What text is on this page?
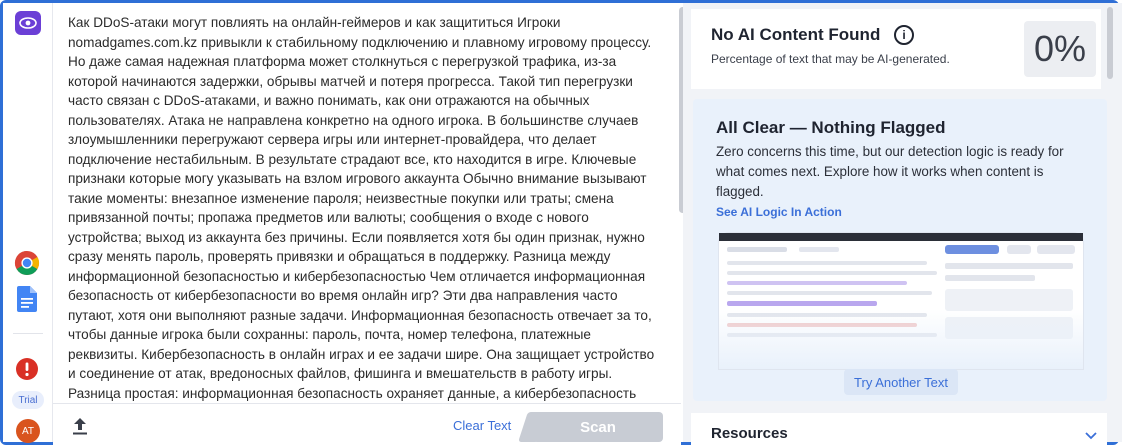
Trial
AT
Как DDoS-атаки могут повлиять на онлайн-геймеров и как защититься Игроки nomadgames.com.kz привыкли к стабильному подключению и плавному игровому процессу. Но даже самая надежная платформа может столкнуться с перегрузкой трафика, из-за которой начинаются задержки, обрывы матчей и потеря прогресса. Такой тип перегрузки часто связан с DDoS-атаками, и важно понимать, как они отражаются на обычных пользователях. Атака не направлена конкретно на одного игрока. В большинстве случаев злоумышленники перегружают сервера игры или интернет-провайдера, что делает подключение нестабильным. В результате страдают все, кто находится в игре. Ключевые признаки которые могу указывать на взлом игрового аккаунта Обычно внимание вызывают такие моменты: внезапное изменение пароля; неизвестные покупки или траты; смена привязанной почты; пропажа предметов или валюты; сообщения о входе с нового устройства; выход из аккаунта без причины. Если появляется хотя бы один признак, нужно сразу менять пароль, проверять привязки и обращаться в поддержку. Разница между информационной безопасностью и кибербезопасностью Чем отличается информационная безопасность от кибербезопасности во время онлайн игр? Эти два направления часто путают, хотя они выполняют разные задачи. Информационная безопасность отвечает за то, чтобы данные игрока были сохранны: пароль, почта, номер телефона, платежные реквизиты. Кибербезопасность в онлайн играх и ее задачи шире. Она защищает устройство и соединение от атак, вредоносных файлов, фишинга и вмешательств в работу игры. Разница простая: информационная безопасность охраняет данные, а кибербезопасность
Clear Text	Scan
No AI Content Found	i
Percentage of text that may be AI-generated. 0%
All Clear — Nothing Flagged
Zero concerns this time, but our detection logic is ready for what comes next. Explore how it works when content is flagged.
See AI Logic In Action
Try Another Text
Resources
